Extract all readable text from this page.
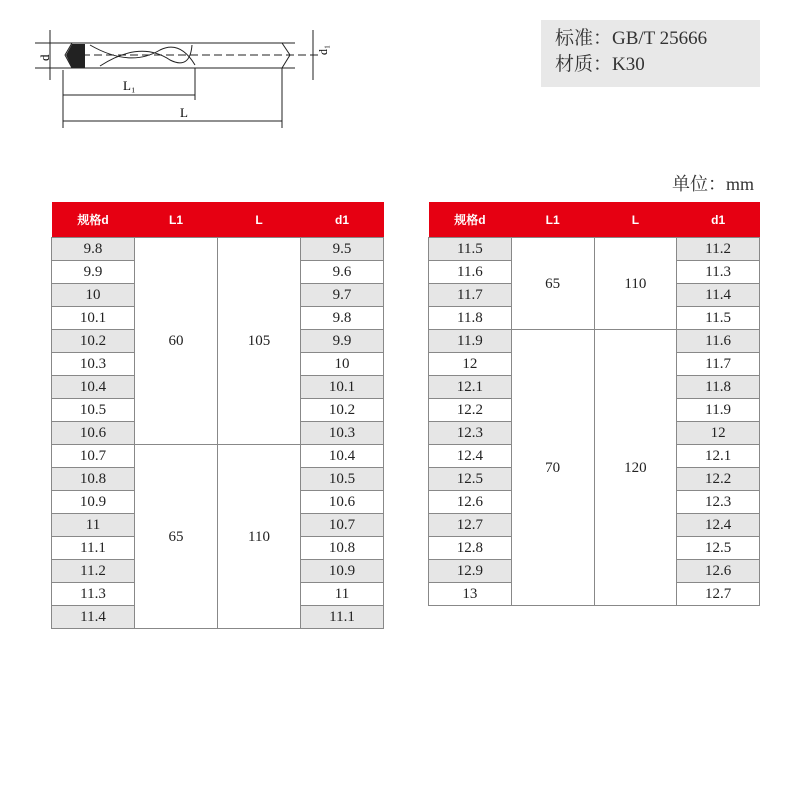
d
d₁
L₁
L
标准：GB/T 25666
材质：K30
单位：mm
规格d	L1	L	d1
9.8	60	105	9.5
9.9			9.6
10			9.7
10.1			9.8
10.2			9.9
10.3			10
10.4			10.1
10.5			10.2
10.6			10.3
10.7	65	110	10.4
10.8			10.5
10.9			10.6
11			10.7
11.1			10.8
11.2			10.9
11.3			11
11.4			11.1
规格d	L1	L	d1
11.5	65	110	11.2
11.6			11.3
11.7			11.4
11.8			11.5
11.9	70	120	11.6
12			11.7
12.1			11.8
12.2			11.9
12.3			12
12.4			12.1
12.5			12.2
12.6			12.3
12.7			12.4
12.8			12.5
12.9			12.6
13			12.7
